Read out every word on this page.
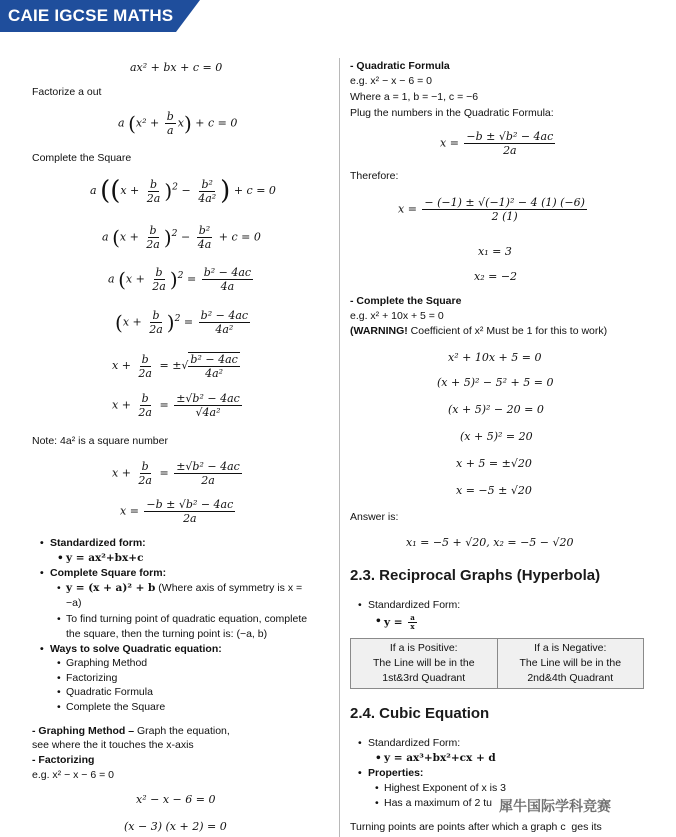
CAIE IGCSE MATHS
ax² + bx + c = 0
Factorize a out
a $(x^2 + \frac{b}{a} x) + c = 0$
Complete the Square
a ($(x + \frac{b}{2a} )^2 - \frac{\text{b²}}{\text{4a²}}$ ) + c = 0
a $(x + \frac{b}{2a} )^2 - \frac{\text{b²}}{4a} + c = 0$
a $(x + \frac{b}{2a} )^2 = \frac{\text{b² − 4ac}}{4a}$
$(x + \frac{b}{2a} )^2 = \frac{\text{b² − 4ac}}{\text{4a²}}$
$x + \frac{b}{2a}$ = ±√ $\frac{\text{b² − 4ac}}{\text{4a²}}$
$x + \frac{b}{2a} = \frac{\text{±√b² − 4ac}}{\text{√4a²}}$
Note: 4a² is a square number
$x + \frac{b}{2a} = \frac{\text{±√b² − 4ac}}{2a}$
$x = \frac{\text{−b ± √b² − 4ac}}{2a}$
• Standardized form:
• y = ax²+bx+c
• Complete Square form:
• y = (x + a)² + b (Where axis of symmetry is x =
−a)
• To find turning point of quadratic equation, complete
the square, then the turning point is: (−a, b)
• Ways to solve Quadratic equation:
• Graphing Method
• Factorizing
• Quadratic Formula
• Complete the Square
- Graphing Method – Graph the equation,
see where the it touches the x-axis
- Factorizing
e.g. x² − x − 6 = 0
x² − x − 6 = 0
(x − 3) (x + 2) = 0
- Quadratic Formula
e.g. x² − x − 6 = 0
Where a = 1, b = −1, c = −6
Plug the numbers in the Quadratic Formula:
$x = \frac{\text{−b ± √b² − 4ac}}{2a}$
Therefore:
$x = \frac{\text{− (−1) ± √(−1)² − 4 (1) (−6)}}{2 (1)}$
x₁ = 3
x₂ = −2
- Complete the Square
e.g. x² + 10x + 5 = 0
(WARNING! Coefficient of x² Must be 1 for this to work)
x² + 10x + 5 = 0
(x + 5)² − 5² + 5 = 0
(x + 5)² − 20 = 0
(x + 5)² = 20
x + 5 = ±√20
x = −5 ± √20
Answer is:
x₁ = −5 + √20, x₂ = −5 − √20
2.3. Reciprocal Graphs (Hyperbola)
• Standardized Form:
• $y = \frac{a}{x}$
If a is Positive:
The Line will be in the
1st&3rd Quadrant

If a is Negative:
The Line will be in the
2nd&4th Quadrant
2.4. Cubic Equation
• Standardized Form:
• y = ax³+bx²+cx + d
• Properties:
• Highest Exponent of x is 3
• Has a maximum of 2 tu
Turning points are points after which a graph c ges its
犀牛国际学科竞赛
